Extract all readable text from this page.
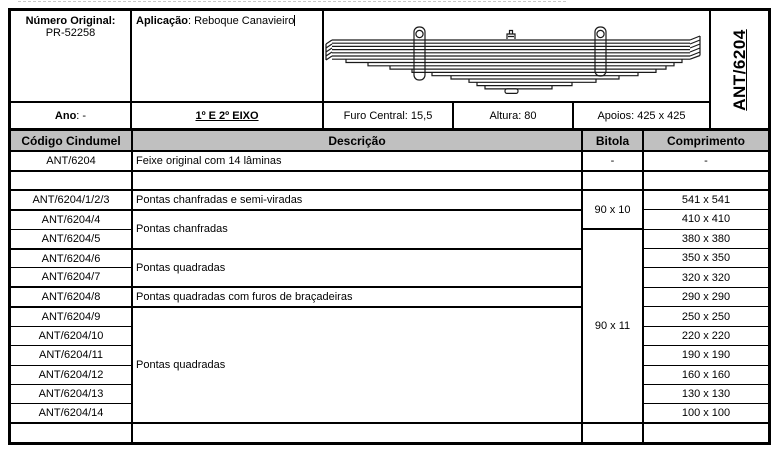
Número Original:
PR-52258
Aplicação: Reboque Canavieiro
ANT/6204
Ano : -	1º E 2º EIXO	Furo Central: 15,5	Altura: 80	Apoios: 425 x 425
Código Cindumel	Descrição	Bitola	Comprimento
ANT/6204	Feixe original com 14 lâminas	-	-

ANT/6204/1/2/3	Pontas chanfradas e semi-viradas	90 x 10	541 x 541
ANT/6204/4	Pontas chanfradas		410 x 410
ANT/6204/5		90 x 11	380 x 380
ANT/6204/6	Pontas quadradas		350 x 350
ANT/6204/7			320 x 320
ANT/6204/8	Pontas quadradas com furos de braçadeiras		290 x 290
ANT/6204/9	Pontas quadradas		250 x 250
ANT/6204/10			220 x 220
ANT/6204/11			190 x 190
ANT/6204/12			160 x 160
ANT/6204/13			130 x 130
ANT/6204/14			100 x 100
